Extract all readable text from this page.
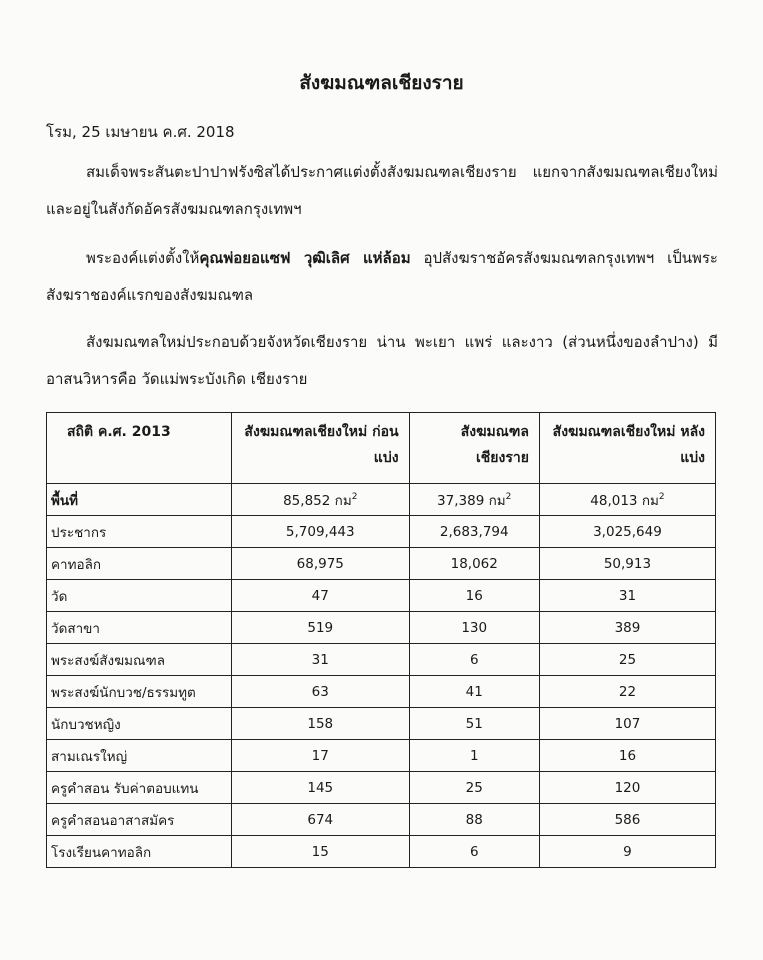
สังฆมณฑลเชียงราย
โรม, 25 เมษายน ค.ศ. 2018
สมเด็จพระสันตะปาปาฟรังซิสได้ประกาศแต่งตั้งสังฆมณฑลเชียงราย แยกจากสังฆมณฑลเชียงใหม่ และอยู่ในสังกัดอัครสังฆมณฑลกรุงเทพฯ
พระองค์แต่งตั้งให้คุณพ่อยอแซฟ วุฒิเลิศ แห่ล้อม อุปสังฆราชอัครสังฆมณฑลกรุงเทพฯ เป็นพระสังฆราชองค์แรกของสังฆมณฑล
สังฆมณฑลใหม่ประกอบด้วยจังหวัดเชียงราย น่าน พะเยา แพร่ และงาว (ส่วนหนึ่งของลำปาง) มีอาสนวิหารคือ วัดแม่พระบังเกิด เชียงราย
สถิติ ค.ศ. 2013	สังฆมณฑลเชียงใหม่ ก่อนแบ่ง	สังฆมณฑลเชียงราย	สังฆมณฑลเชียงใหม่ หลังแบ่ง
พื้นที่	85,852 กม$^2$	37,389 กม$^2$	48,013 กม$^2$
ประชากร	5,709,443	2,683,794	3,025,649
คาทอลิก	68,975	18,062	50,913
วัด	47	16	31
วัดสาขา	519	130	389
พระสงฆ์สังฆมณฑล	31	6	25
พระสงฆ์นักบวช/ธรรมทูต	63	41	22
นักบวชหญิง	158	51	107
สามเณรใหญ่	17	1	16
ครูคำสอน รับค่าตอบแทน	145	25	120
ครูคำสอนอาสาสมัคร	674	88	586
โรงเรียนคาทอลิก	15	6	9
